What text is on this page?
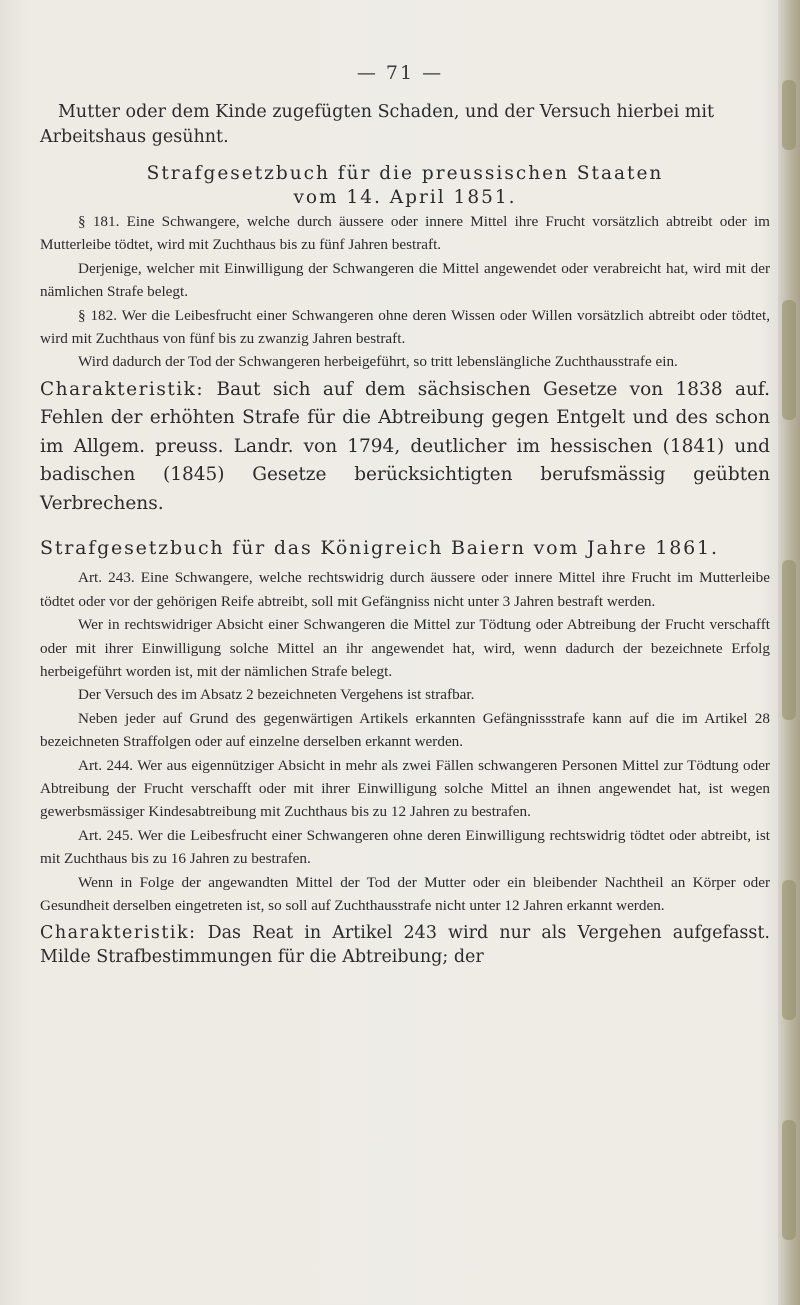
— 71 —

Mutter oder dem Kinde zugefügten Schaden, und der Versuch hierbei mit Arbeitshaus gesühnt.

Strafgesetzbuch für die preussischen Staaten

vom 14. April 1851.

§ 181. Eine Schwangere, welche durch äussere oder innere Mittel ihre Frucht vorsätzlich abtreibt oder im Mutterleibe tödtet, wird mit Zuchthaus bis zu fünf Jahren bestraft.

Derjenige, welcher mit Einwilligung der Schwangeren die Mittel angewendet oder verabreicht hat, wird mit der nämlichen Strafe belegt.

§ 182. Wer die Leibesfrucht einer Schwangeren ohne deren Wissen oder Willen vorsätzlich abtreibt oder tödtet, wird mit Zuchthaus von fünf bis zu zwanzig Jahren bestraft.

Wird dadurch der Tod der Schwangeren herbeigeführt, so tritt lebenslängliche Zuchthausstrafe ein.

Charakteristik: Baut sich auf dem sächsischen Gesetze von 1838 auf. Fehlen der erhöhten Strafe für die Abtreibung gegen Entgelt und des schon im Allgem. preuss. Landr. von 1794, deutlicher im hessischen (1841) und badischen (1845) Gesetze berücksichtigten berufsmässig geübten Verbrechens.

Strafgesetzbuch für das Königreich Baiern vom Jahre 1861.

Art. 243. Eine Schwangere, welche rechtswidrig durch äussere oder innere Mittel ihre Frucht im Mutterleibe tödtet oder vor der gehörigen Reife abtreibt, soll mit Gefängniss nicht unter 3 Jahren bestraft werden.

Wer in rechtswidriger Absicht einer Schwangeren die Mittel zur Tödtung oder Abtreibung der Frucht verschafft oder mit ihrer Einwilligung solche Mittel an ihr angewendet hat, wird, wenn dadurch der bezeichnete Erfolg herbeigeführt worden ist, mit der nämlichen Strafe belegt.

Der Versuch des im Absatz 2 bezeichneten Vergehens ist strafbar.

Neben jeder auf Grund des gegenwärtigen Artikels erkannten Gefängnissstrafe kann auf die im Artikel 28 bezeichneten Straffolgen oder auf einzelne derselben erkannt werden.

Art. 244. Wer aus eigennütziger Absicht in mehr als zwei Fällen schwangeren Personen Mittel zur Tödtung oder Abtreibung der Frucht verschafft oder mit ihrer Einwilligung solche Mittel an ihnen angewendet hat, ist wegen gewerbsmässiger Kindesabtreibung mit Zuchthaus bis zu 12 Jahren zu bestrafen.

Art. 245. Wer die Leibesfrucht einer Schwangeren ohne deren Einwilligung rechtswidrig tödtet oder abtreibt, ist mit Zuchthaus bis zu 16 Jahren zu bestrafen.

Wenn in Folge der angewandten Mittel der Tod der Mutter oder ein bleibender Nachtheil an Körper oder Gesundheit derselben eingetreten ist, so soll auf Zuchthausstrafe nicht unter 12 Jahren erkannt werden.

Charakteristik: Das Reat in Artikel 243 wird nur als Vergehen aufgefasst. Milde Strafbestimmungen für die Abtreibung; der
